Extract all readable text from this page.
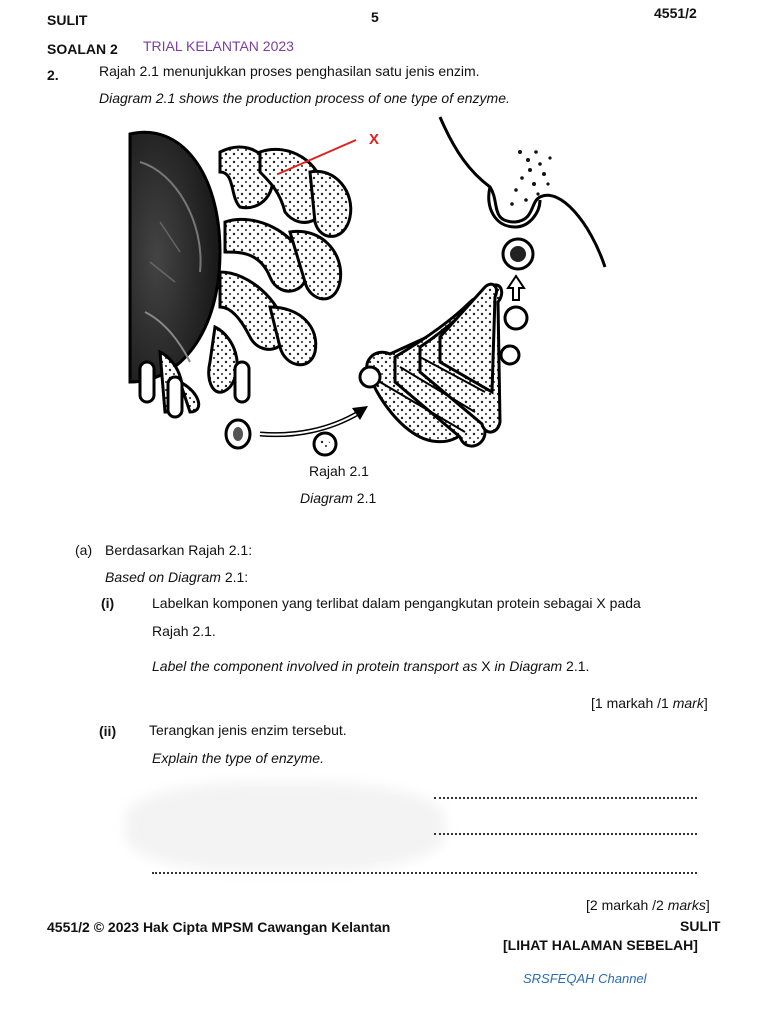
SULIT	5	4551/2
SOALAN 2 TRIAL KELANTAN 2023
2.	Rajah 2.1 menunjukkan proses penghasilan satu jenis enzim.
Diagram 2.1 shows the production process of one type of enzyme.
X
Rajah 2.1
Diagram 2.1
(a) Berdasarkan Rajah 2.1:
Based on Diagram 2.1:
(i)	Labelkan komponen yang terlibat dalam pengangkutan protein sebagai X pada
Rajah 2.1.
Label the component involved in protein transport as X in Diagram 2.1.
[1 markah /1 mark]
(ii) Terangkan jenis enzim tersebut.
Explain the type of enzyme.
[2 markah /2 marks]
4551/2 © 2023 Hak Cipta MPSM Cawangan Kelantan	SULIT
[LIHAT HALAMAN SEBELAH]
SRSFEQAH Channel
